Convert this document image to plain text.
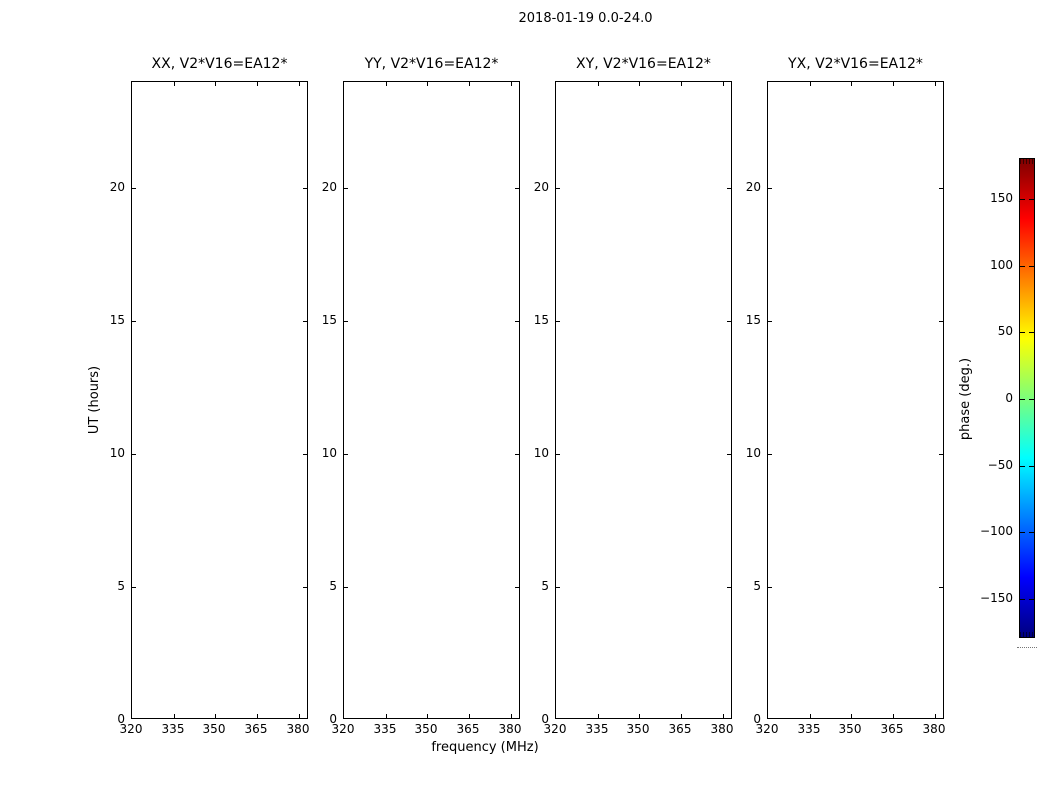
2018-01-19 0.0-24.0
XX, V2*V16=EA12*
320 335 350 365 380
0
5
10
15
20
YY, V2*V16=EA12*
320 335 350 365 380
0
5
10
15
20
XY, V2*V16=EA12*
320 335 350 365 380
0
5
10
15
20
YX, V2*V16=EA12*
320 335 350 365 380
0
5
10
15
20
frequency (MHz)
UT (hours)	phase (deg.)
150
100
50
0
−50
−100
−150
